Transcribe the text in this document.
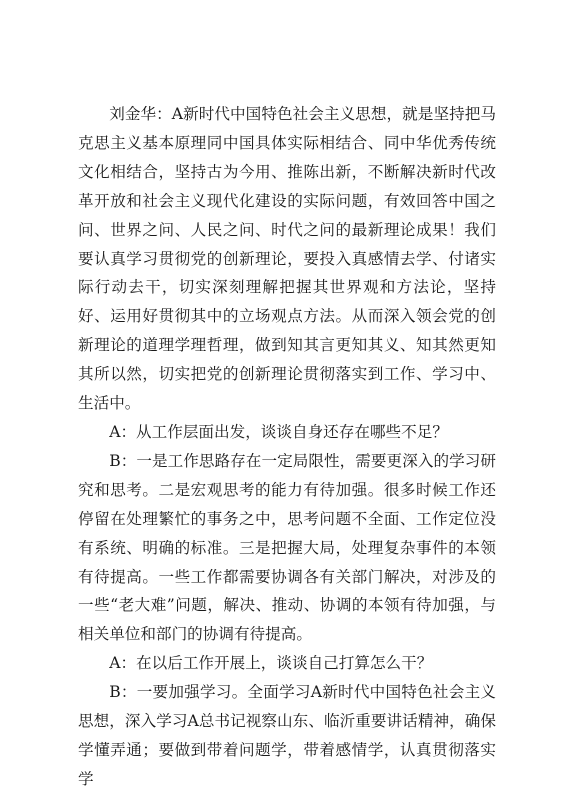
刘金华：A新时代中国特色社会主义思想，就是坚持把马克思主义基本原理同中国具体实际相结合、同中华优秀传统文化相结合，坚持古为今用、推陈出新，不断解决新时代改革开放和社会主义现代化建设的实际问题，有效回答中国之问、世界之问、人民之问、时代之问的最新理论成果！我们要认真学习贯彻党的创新理论，要投入真感情去学、付诸实际行动去干，切实深刻理解把握其世界观和方法论，坚持好、运用好贯彻其中的立场观点方法。从而深入领会党的创新理论的道理学理哲理，做到知其言更知其义、知其然更知其所以然，切实把党的创新理论贯彻落实到工作、学习中、生活中。

A：从工作层面出发，谈谈自身还存在哪些不足？

B：一是工作思路存在一定局限性，需要更深入的学习研究和思考。二是宏观思考的能力有待加强。很多时候工作还停留在处理繁忙的事务之中，思考问题不全面、工作定位没有系统、明确的标准。三是把握大局，处理复杂事件的本领有待提高。一些工作都需要协调各有关部门解决，对涉及的一些“老大难”问题，解决、推动、协调的本领有待加强，与相关单位和部门的协调有待提高。

A：在以后工作开展上，谈谈自己打算怎么干？

B：一要加强学习。全面学习A新时代中国特色社会主义思想，深入学习A总书记视察山东、临沂重要讲话精神，确保学懂弄通；要做到带着问题学，带着感情学，认真贯彻落实学
